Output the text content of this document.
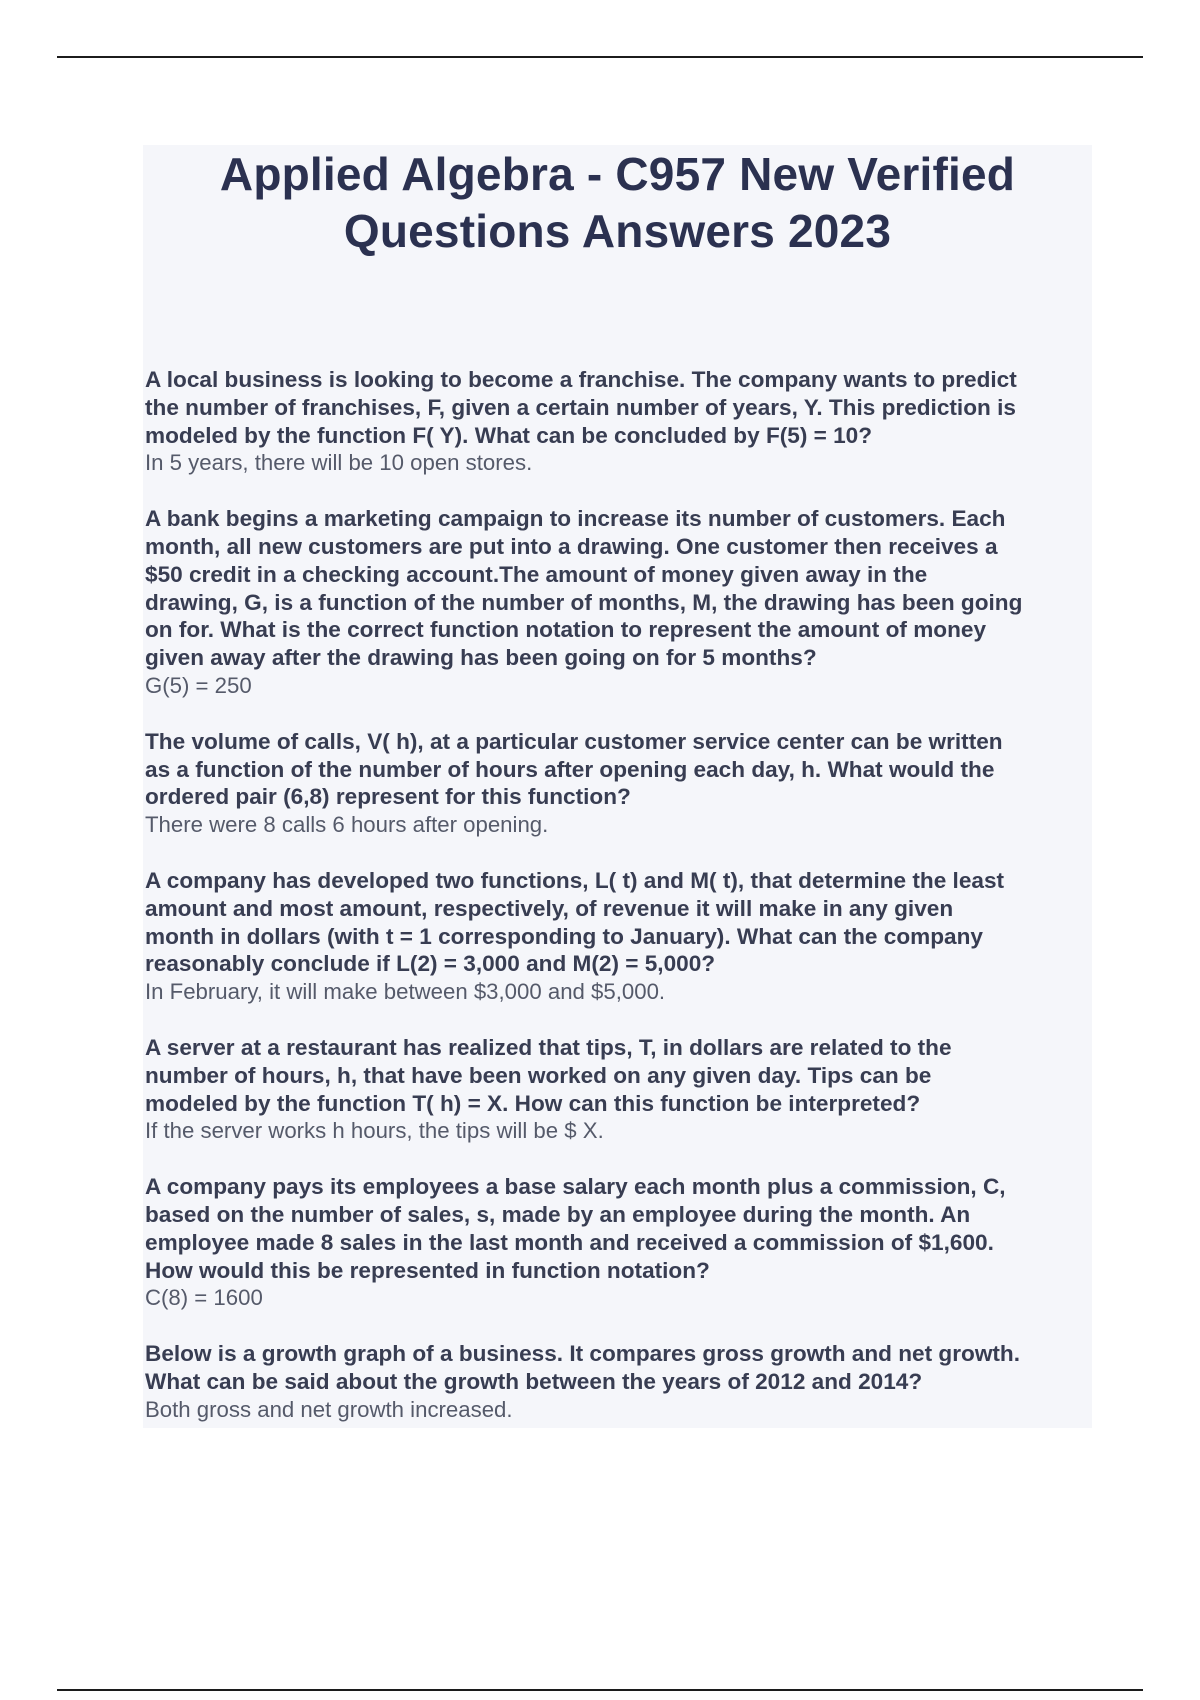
Applied Algebra - C957 New Verified
Questions Answers 2023

A local business is looking to become a franchise. The company wants to predict
the number of franchises, F, given a certain number of years, Y. This prediction is
modeled by the function F( Y). What can be concluded by F(5) = 10?

In 5 years, there will be 10 open stores.

A bank begins a marketing campaign to increase its number of customers. Each
month, all new customers are put into a drawing. One customer then receives a
$50 credit in a checking account.The amount of money given away in the
drawing, G, is a function of the number of months, M, the drawing has been going
on for. What is the correct function notation to represent the amount of money
given away after the drawing has been going on for 5 months?

G(5) = 250

The volume of calls, V( h), at a particular customer service center can be written
as a function of the number of hours after opening each day, h. What would the
ordered pair (6,8) represent for this function?

There were 8 calls 6 hours after opening.

A company has developed two functions, L( t) and M( t), that determine the least
amount and most amount, respectively, of revenue it will make in any given
month in dollars (with t = 1 corresponding to January). What can the company
reasonably conclude if L(2) = 3,000 and M(2) = 5,000?

In February, it will make between $3,000 and $5,000.

A server at a restaurant has realized that tips, T, in dollars are related to the
number of hours, h, that have been worked on any given day. Tips can be
modeled by the function T( h) = X. How can this function be interpreted?

If the server works h hours, the tips will be $ X.

A company pays its employees a base salary each month plus a commission, C,
based on the number of sales, s, made by an employee during the month. An
employee made 8 sales in the last month and received a commission of $1,600.
How would this be represented in function notation?

C(8) = 1600

Below is a growth graph of a business. It compares gross growth and net growth.
What can be said about the growth between the years of 2012 and 2014?

Both gross and net growth increased.
